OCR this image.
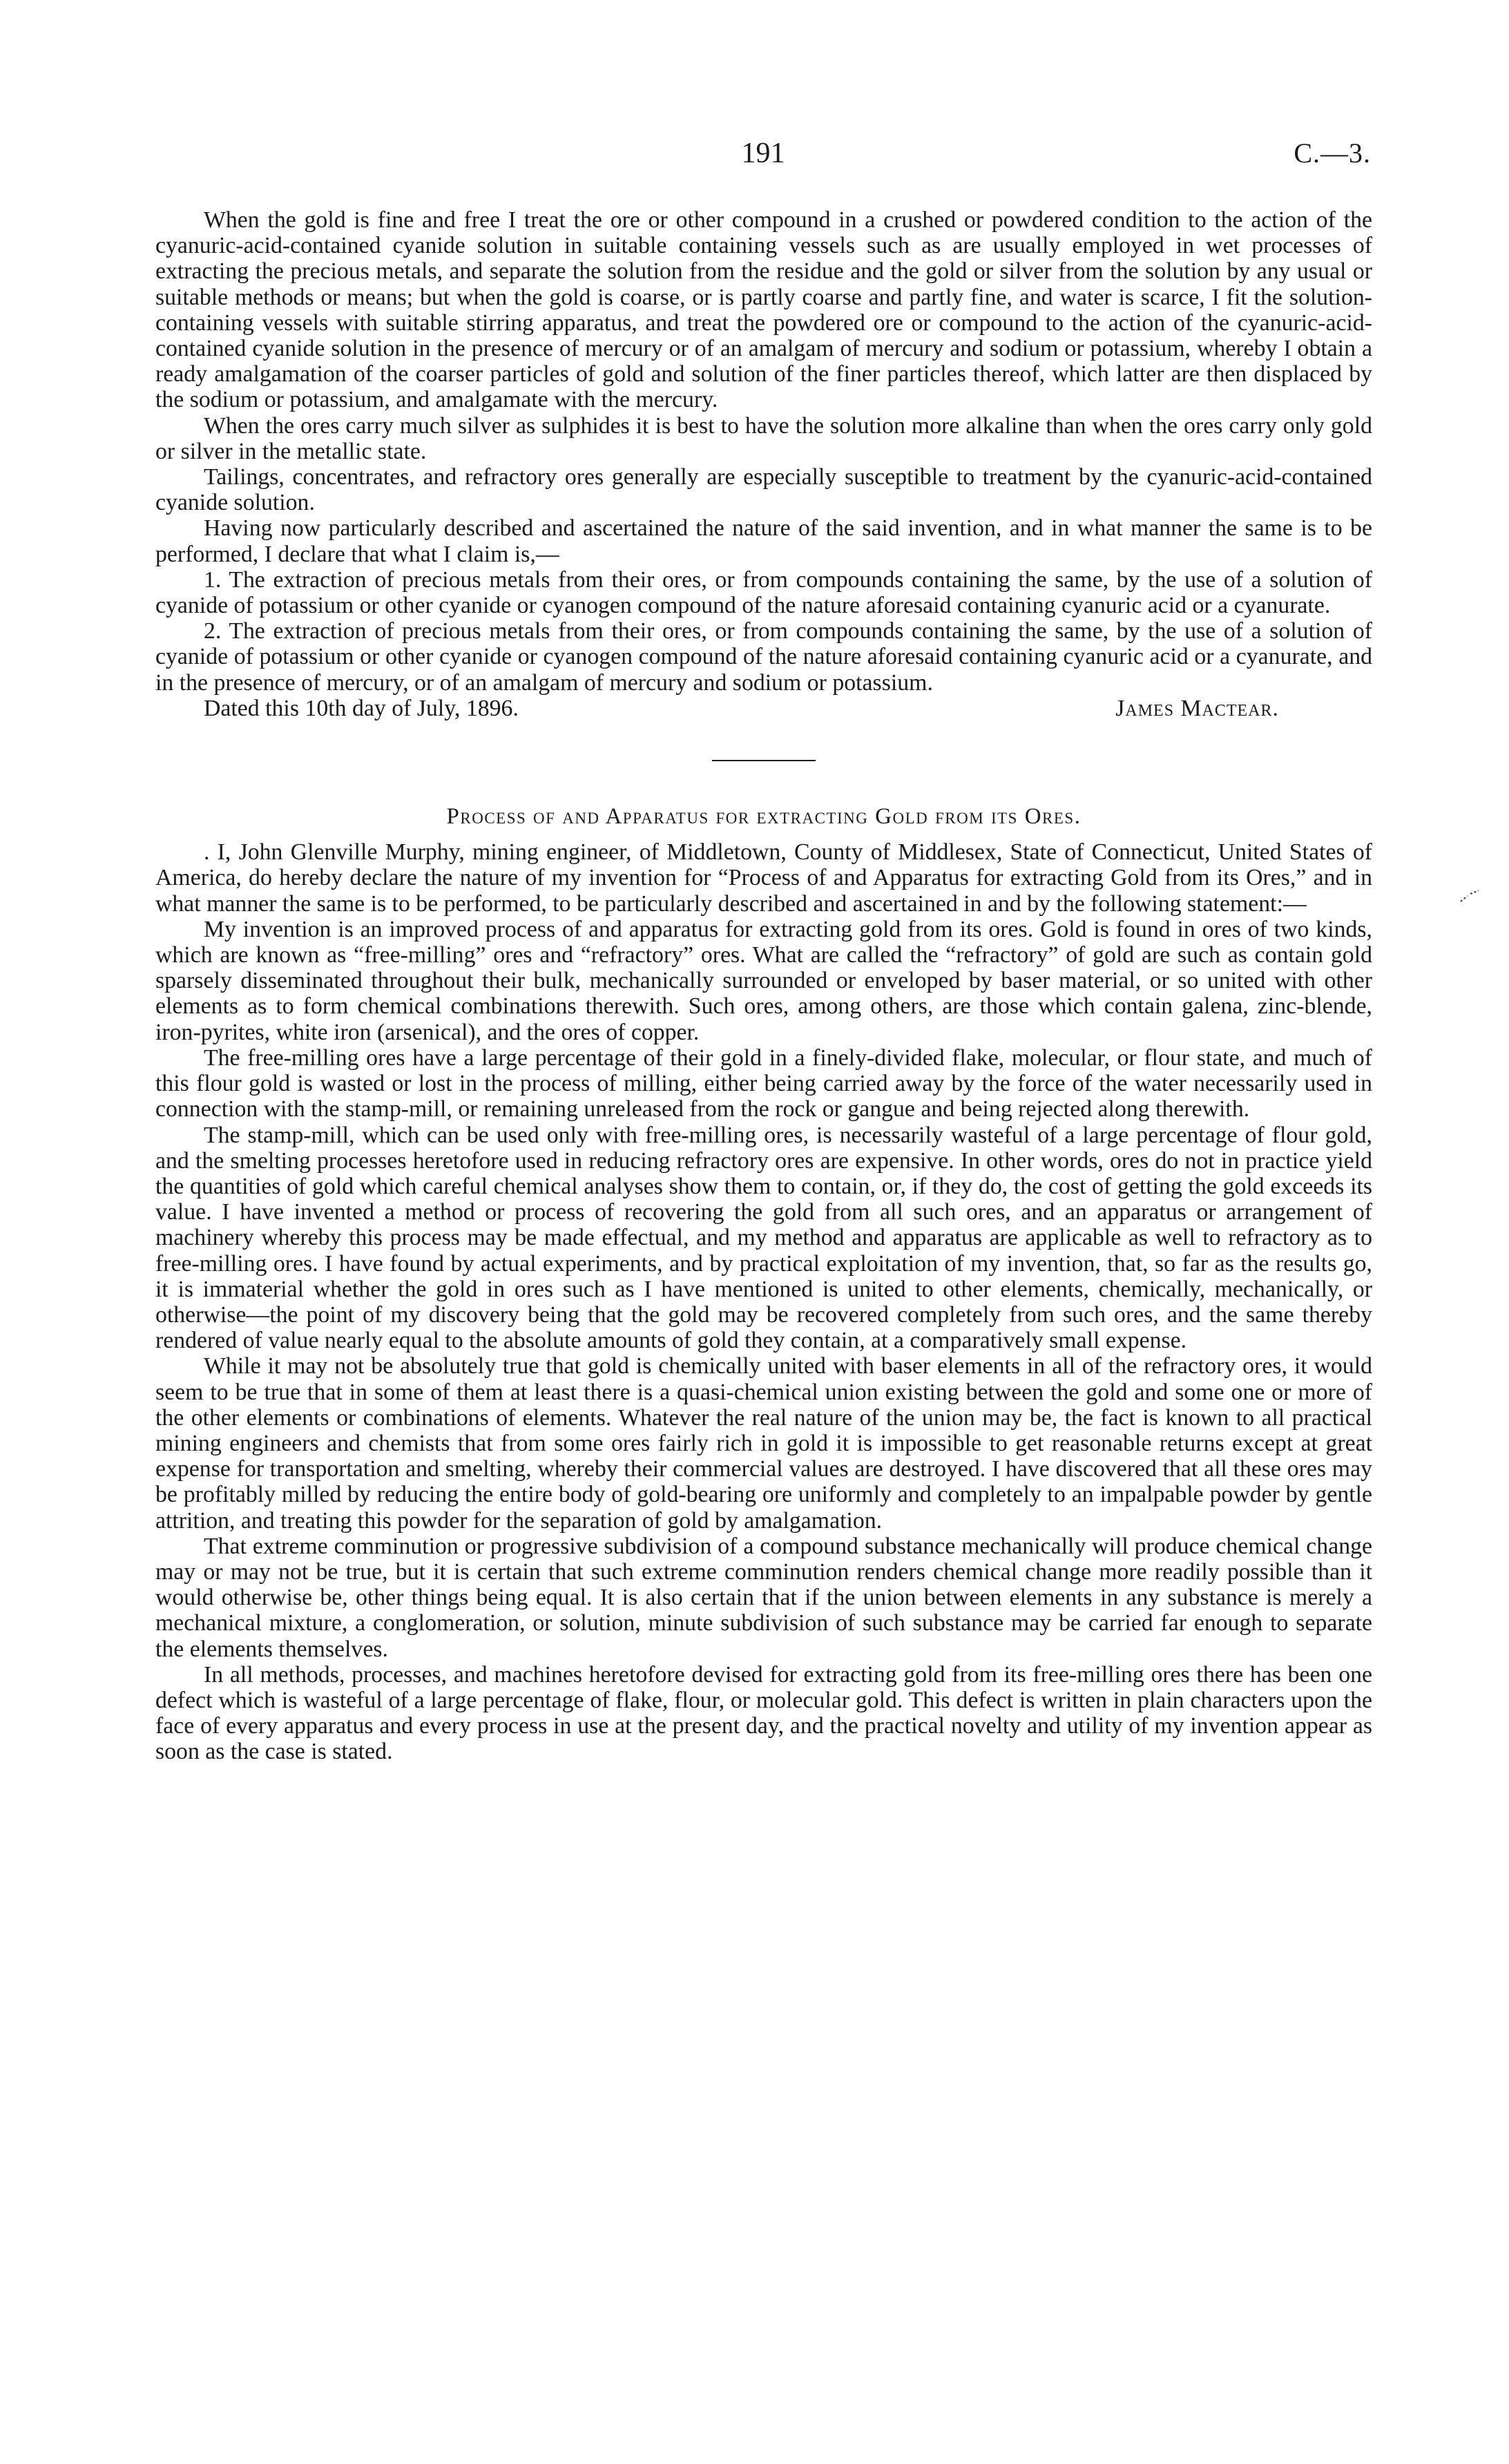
191	C.—3.

When the gold is fine and free I treat the ore or other compound in a crushed or powdered condition to the action of the cyanuric-acid-contained cyanide solution in suitable containing vessels such as are usually employed in wet processes of extracting the precious metals, and separate the solution from the residue and the gold or silver from the solution by any usual or suitable methods or means; but when the gold is coarse, or is partly coarse and partly fine, and water is scarce, I fit the solution-containing vessels with suitable stirring apparatus, and treat the powdered ore or compound to the action of the cyanuric-acid-contained cyanide solution in the presence of mercury or of an amalgam of mercury and sodium or potassium, whereby I obtain a ready amalgamation of the coarser particles of gold and solution of the finer particles thereof, which latter are then displaced by the sodium or potassium, and amalgamate with the mercury.

When the ores carry much silver as sulphides it is best to have the solution more alkaline than when the ores carry only gold or silver in the metallic state.

Tailings, concentrates, and refractory ores generally are especially susceptible to treatment by the cyanuric-acid-contained cyanide solution.

Having now particularly described and ascertained the nature of the said invention, and in what manner the same is to be performed, I declare that what I claim is,—

1. The extraction of precious metals from their ores, or from compounds containing the same, by the use of a solution of cyanide of potassium or other cyanide or cyanogen compound of the nature aforesaid containing cyanuric acid or a cyanurate.

2. The extraction of precious metals from their ores, or from compounds containing the same, by the use of a solution of cyanide of potassium or other cyanide or cyanogen compound of the nature aforesaid containing cyanuric acid or a cyanurate, and in the presence of mercury, or of an amalgam of mercury and sodium or potassium.

Dated this 10th day of July, 1896.	James Mactear.

Process of and Apparatus for extracting Gold from its Ores.

. I, John Glenville Murphy, mining engineer, of Middletown, County of Middlesex, State of Connecticut, United States of America, do hereby declare the nature of my invention for “Process of and Apparatus for extracting Gold from its Ores,” and in what manner the same is to be performed, to be particularly described and ascertained in and by the following statement:—

My invention is an improved process of and apparatus for extracting gold from its ores. Gold is found in ores of two kinds, which are known as “free-milling” ores and “refractory” ores. What are called the “refractory” of gold are such as contain gold sparsely disseminated throughout their bulk, mechanically surrounded or enveloped by baser material, or so united with other elements as to form chemical combinations therewith. Such ores, among others, are those which contain galena, zinc-blende, iron-pyrites, white iron (arsenical), and the ores of copper.

The free-milling ores have a large percentage of their gold in a finely-divided flake, molecular, or flour state, and much of this flour gold is wasted or lost in the process of milling, either being carried away by the force of the water necessarily used in connection with the stamp-mill, or remaining unreleased from the rock or gangue and being rejected along therewith.

The stamp-mill, which can be used only with free-milling ores, is necessarily wasteful of a large percentage of flour gold, and the smelting processes heretofore used in reducing refractory ores are expensive. In other words, ores do not in practice yield the quantities of gold which careful chemical analyses show them to contain, or, if they do, the cost of getting the gold exceeds its value. I have invented a method or process of recovering the gold from all such ores, and an apparatus or arrangement of machinery whereby this process may be made effectual, and my method and apparatus are applicable as well to refractory as to free-milling ores. I have found by actual experiments, and by practical exploitation of my invention, that, so far as the results go, it is immaterial whether the gold in ores such as I have mentioned is united to other elements, chemically, mechanically, or otherwise—the point of my discovery being that the gold may be recovered completely from such ores, and the same thereby rendered of value nearly equal to the absolute amounts of gold they contain, at a comparatively small expense.

While it may not be absolutely true that gold is chemically united with baser elements in all of the refractory ores, it would seem to be true that in some of them at least there is a quasi-chemical union existing between the gold and some one or more of the other elements or combinations of elements. Whatever the real nature of the union may be, the fact is known to all practical mining engineers and chemists that from some ores fairly rich in gold it is impossible to get reasonable returns except at great expense for transportation and smelting, whereby their commercial values are destroyed. I have discovered that all these ores may be profitably milled by reducing the entire body of gold-bearing ore uniformly and completely to an impalpable powder by gentle attrition, and treating this powder for the separation of gold by amalgamation.

That extreme comminution or progressive subdivision of a compound substance mechanically will produce chemical change may or may not be true, but it is certain that such extreme comminution renders chemical change more readily possible than it would otherwise be, other things being equal. It is also certain that if the union between elements in any substance is merely a mechanical mixture, a conglomeration, or solution, minute subdivision of such substance may be carried far enough to separate the elements themselves.

In all methods, processes, and machines heretofore devised for extracting gold from its free-milling ores there has been one defect which is wasteful of a large percentage of flake, flour, or molecular gold. This defect is written in plain characters upon the face of every apparatus and every process in use at the present day, and the practical novelty and utility of my invention appear as soon as the case is stated.
